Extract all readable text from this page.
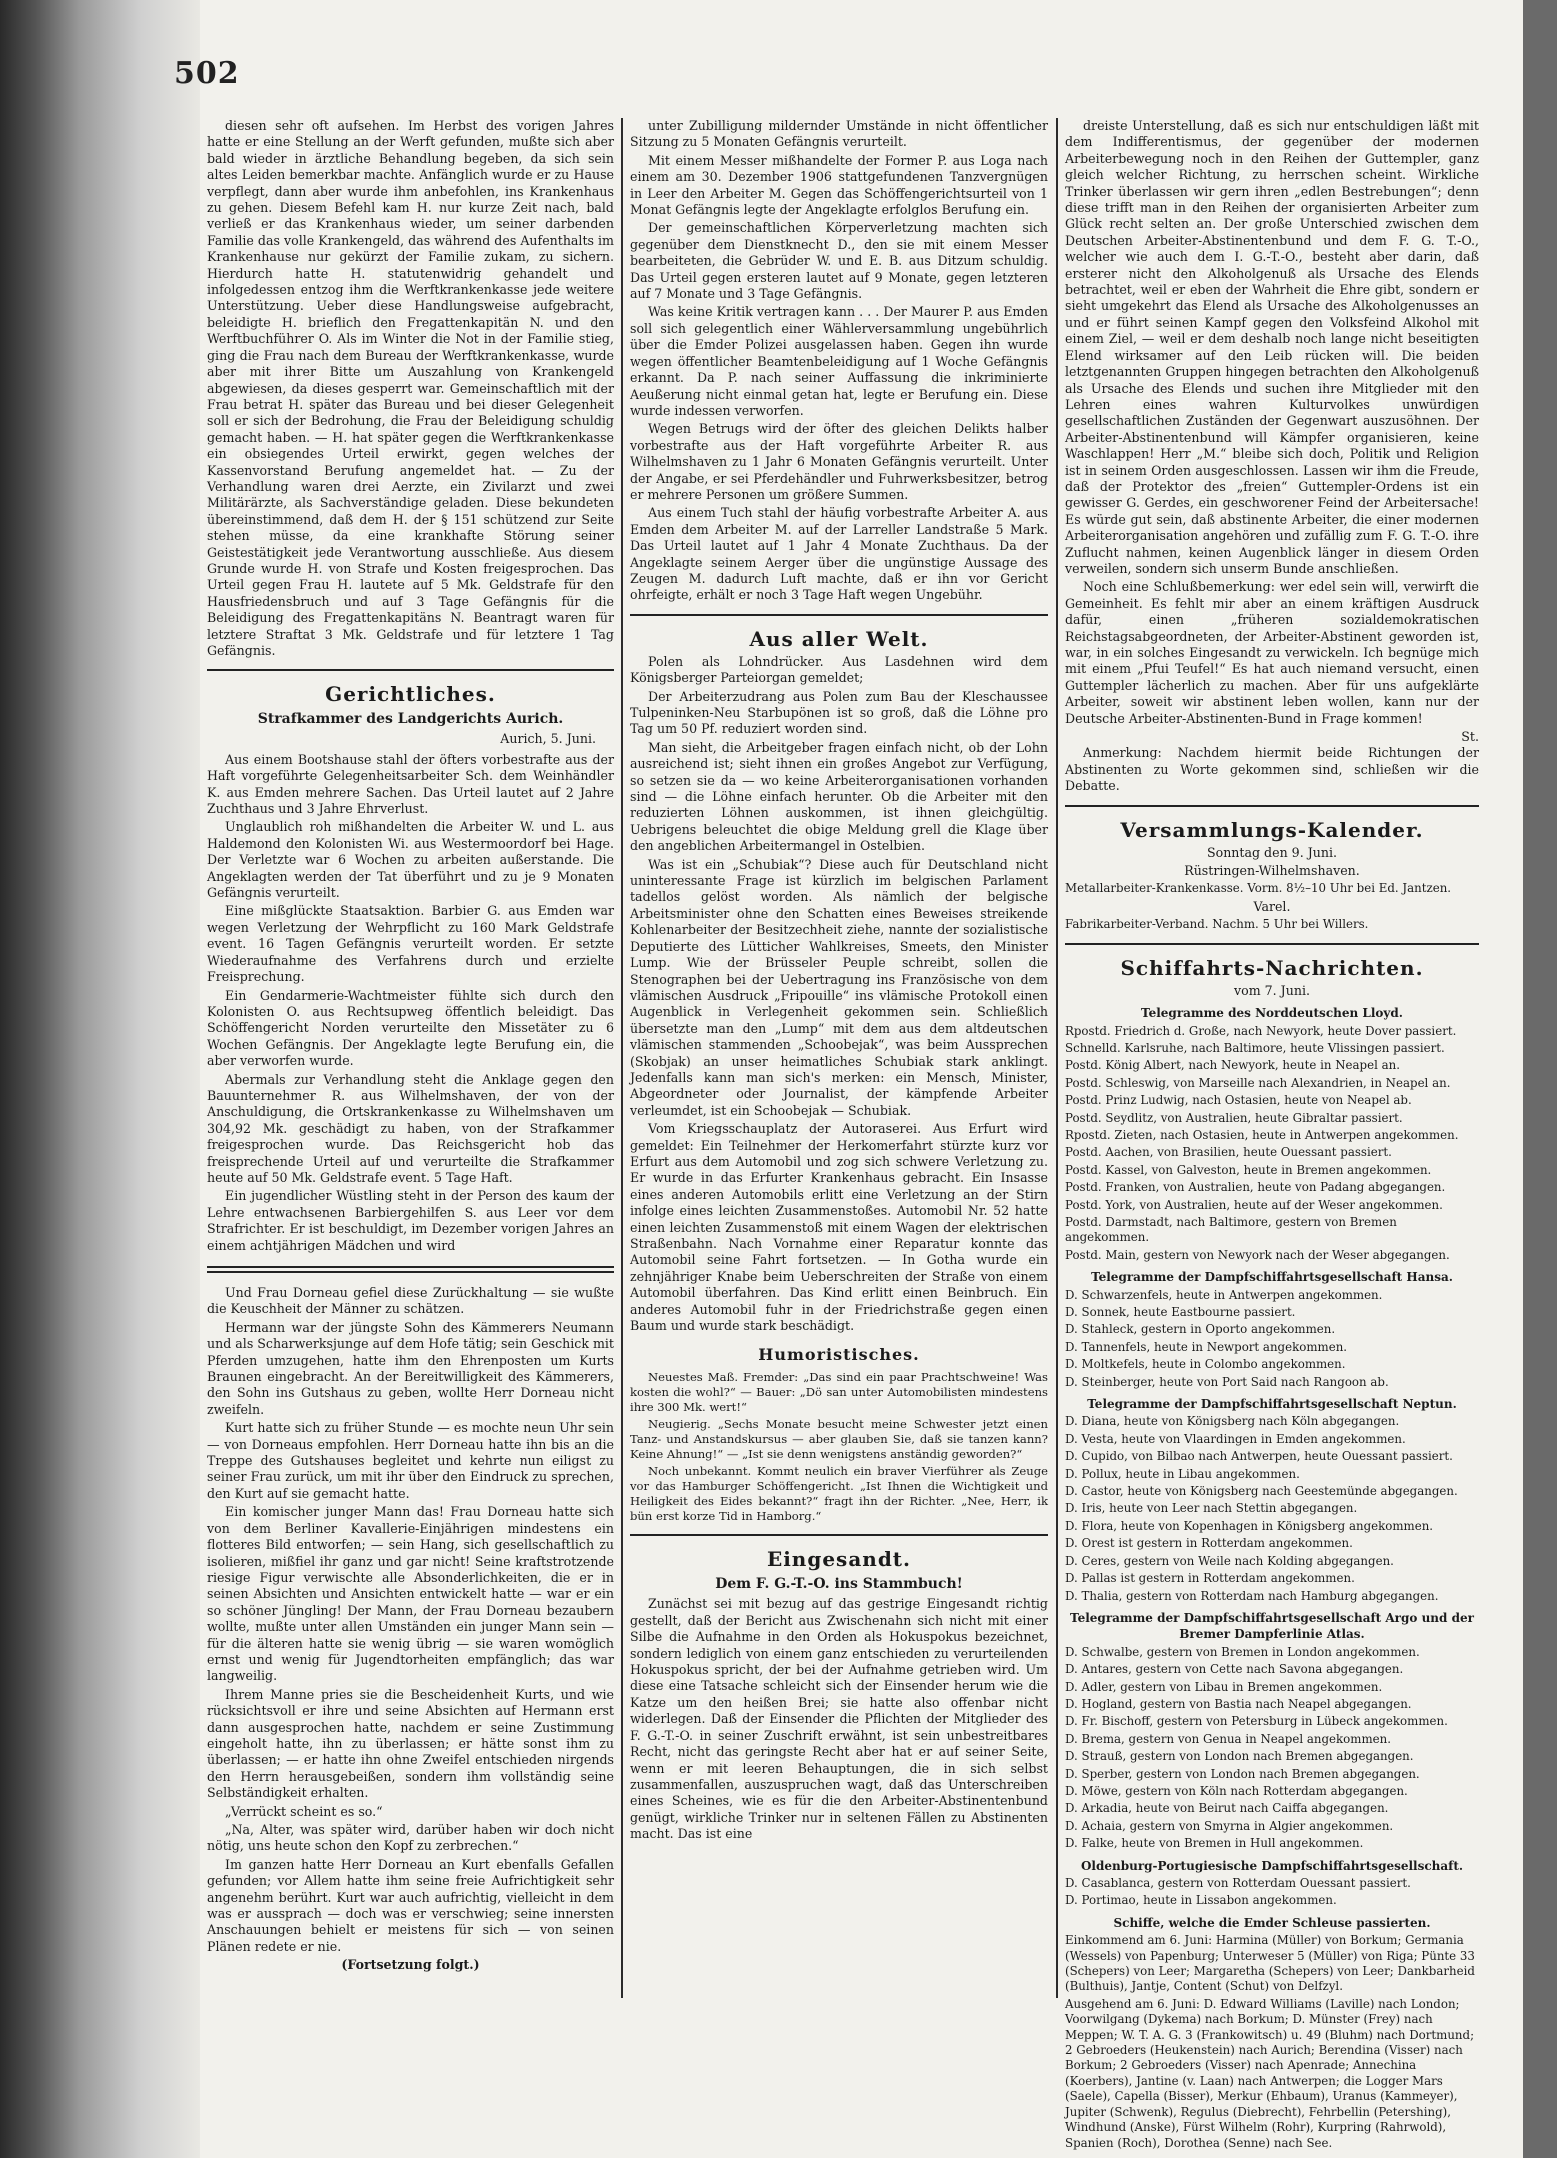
502

diesen sehr oft aufsehen. Im Herbst des vorigen Jahres hatte er eine Stellung an der Werft gefunden, mußte sich aber bald wieder in ärztliche Behandlung begeben, da sich sein altes Leiden bemerkbar machte. Anfänglich wurde er zu Hause verpflegt, dann aber wurde ihm anbefohlen, ins Krankenhaus zu gehen. Diesem Befehl kam H. nur kurze Zeit nach, bald verließ er das Krankenhaus wieder, um seiner darbenden Familie das volle Krankengeld, das während des Aufenthalts im Krankenhause nur gekürzt der Familie zukam, zu sichern. Hierdurch hatte H. statutenwidrig gehandelt und infolgedessen entzog ihm die Werftkrankenkasse jede weitere Unterstützung. Ueber diese Handlungsweise aufgebracht, beleidigte H. brieflich den Fregattenkapitän N. und den Werftbuchführer O. Als im Winter die Not in der Familie stieg, ging die Frau nach dem Bureau der Werftkrankenkasse, wurde aber mit ihrer Bitte um Auszahlung von Krankengeld abgewiesen, da dieses gesperrt war. Gemeinschaftlich mit der Frau betrat H. später das Bureau und bei dieser Gelegenheit soll er sich der Bedrohung, die Frau der Beleidigung schuldig gemacht haben. — H. hat später gegen die Werftkrankenkasse ein obsiegendes Urteil erwirkt, gegen welches der Kassenvorstand Berufung angemeldet hat. — Zu der Verhandlung waren drei Aerzte, ein Zivilarzt und zwei Militärärzte, als Sachverständige geladen. Diese bekundeten übereinstimmend, daß dem H. der § 151 schützend zur Seite stehen müsse, da eine krankhafte Störung seiner Geistestätigkeit jede Verantwortung ausschließe. Aus diesem Grunde wurde H. von Strafe und Kosten freigesprochen. Das Urteil gegen Frau H. lautete auf 5 Mk. Geldstrafe für den Hausfriedensbruch und auf 3 Tage Gefängnis für die Beleidigung des Fregattenkapitäns N. Beantragt waren für letztere Straftat 3 Mk. Geldstrafe und für letztere 1 Tag Gefängnis.

Gerichtliches.
Strafkammer des Landgerichts Aurich.
Aurich, 5. Juni.

Aus einem Bootshause stahl der öfters vorbestrafte aus der Haft vorgeführte Gelegenheitsarbeiter Sch. dem Weinhändler K. aus Emden mehrere Sachen. Das Urteil lautet auf 2 Jahre Zuchthaus und 3 Jahre Ehrverlust.

Unglaublich roh mißhandelten die Arbeiter W. und L. aus Haldemond den Kolonisten Wi. aus Westermoordorf bei Hage. Der Verletzte war 6 Wochen zu arbeiten außerstande. Die Angeklagten werden der Tat überführt und zu je 9 Monaten Gefängnis verurteilt.

Eine mißglückte Staatsaktion. Barbier G. aus Emden war wegen Verletzung der Wehrpflicht zu 160 Mark Geldstrafe event. 16 Tagen Gefängnis verurteilt worden. Er setzte Wiederaufnahme des Verfahrens durch und erzielte Freisprechung.

Ein Gendarmerie-Wachtmeister fühlte sich durch den Kolonisten O. aus Rechtsupweg öffentlich beleidigt. Das Schöffengericht Norden verurteilte den Missetäter zu 6 Wochen Gefängnis. Der Angeklagte legte Berufung ein, die aber verworfen wurde.

Abermals zur Verhandlung steht die Anklage gegen den Bauunternehmer R. aus Wilhelmshaven, der von der Anschuldigung, die Ortskrankenkasse zu Wilhelmshaven um 304,92 Mk. geschädigt zu haben, von der Strafkammer freigesprochen wurde. Das Reichsgericht hob das freisprechende Urteil auf und verurteilte die Strafkammer heute auf 50 Mk. Geldstrafe event. 5 Tage Haft.

Ein jugendlicher Wüstling steht in der Person des kaum der Lehre entwachsenen Barbiergehilfen S. aus Leer vor dem Strafrichter. Er ist beschuldigt, im Dezember vorigen Jahres an einem achtjährigen Mädchen und wird

Und Frau Dorneau gefiel diese Zurückhaltung — sie wußte die Keuschheit der Männer zu schätzen.

Hermann war der jüngste Sohn des Kämmerers Neumann und als Scharwerksjunge auf dem Hofe tätig; sein Geschick mit Pferden umzugehen, hatte ihm den Ehrenposten um Kurts Braunen eingebracht. An der Bereitwilligkeit des Kämmerers, den Sohn ins Gutshaus zu geben, wollte Herr Dorneau nicht zweifeln.

Kurt hatte sich zu früher Stunde — es mochte neun Uhr sein — von Dorneaus empfohlen. Herr Dorneau hatte ihn bis an die Treppe des Gutshauses begleitet und kehrte nun eiligst zu seiner Frau zurück, um mit ihr über den Eindruck zu sprechen, den Kurt auf sie gemacht hatte.

Ein komischer junger Mann das! Frau Dorneau hatte sich von dem Berliner Kavallerie-Einjährigen mindestens ein flotteres Bild entworfen; — sein Hang, sich gesellschaftlich zu isolieren, mißfiel ihr ganz und gar nicht! Seine kraftstrotzende riesige Figur verwischte alle Absonderlichkeiten, die er in seinen Absichten und Ansichten entwickelt hatte — war er ein so schöner Jüngling! Der Mann, der Frau Dorneau bezaubern wollte, mußte unter allen Umständen ein junger Mann sein — für die älteren hatte sie wenig übrig — sie waren womöglich ernst und wenig für Jugendtorheiten empfänglich; das war langweilig.

Ihrem Manne pries sie die Bescheidenheit Kurts, und wie rücksichtsvoll er ihre und seine Absichten auf Hermann erst dann ausgesprochen hatte, nachdem er seine Zustimmung eingeholt hatte, ihn zu überlassen; er hätte sonst ihm zu überlassen; — er hatte ihn ohne Zweifel entschieden nirgends den Herrn herausgebeißen, sondern ihm vollständig seine Selbständigkeit erhalten.

„Verrückt scheint es so.“

„Na, Alter, was später wird, darüber haben wir doch nicht nötig, uns heute schon den Kopf zu zerbrechen.“

Im ganzen hatte Herr Dorneau an Kurt ebenfalls Gefallen gefunden; vor Allem hatte ihm seine freie Aufrichtigkeit sehr angenehm berührt. Kurt war auch aufrichtig, vielleicht in dem was er aussprach — doch was er verschwieg; seine innersten Anschauungen behielt er meistens für sich — von seinen Plänen redete er nie.

(Fortsetzung folgt.)

unter Zubilligung mildernder Umstände in nicht öffentlicher Sitzung zu 5 Monaten Gefängnis verurteilt.

Mit einem Messer mißhandelte der Former P. aus Loga nach einem am 30. Dezember 1906 stattgefundenen Tanzvergnügen in Leer den Arbeiter M. Gegen das Schöffengerichtsurteil von 1 Monat Gefängnis legte der Angeklagte erfolglos Berufung ein.

Der gemeinschaftlichen Körperverletzung machten sich gegenüber dem Dienstknecht D., den sie mit einem Messer bearbeiteten, die Gebrüder W. und E. B. aus Ditzum schuldig. Das Urteil gegen ersteren lautet auf 9 Monate, gegen letzteren auf 7 Monate und 3 Tage Gefängnis.

Was keine Kritik vertragen kann . . . Der Maurer P. aus Emden soll sich gelegentlich einer Wählerversammlung ungebührlich über die Emder Polizei ausgelassen haben. Gegen ihn wurde wegen öffentlicher Beamtenbeleidigung auf 1 Woche Gefängnis erkannt. Da P. nach seiner Auffassung die inkriminierte Aeußerung nicht einmal getan hat, legte er Berufung ein. Diese wurde indessen verworfen.

Wegen Betrugs wird der öfter des gleichen Delikts halber vorbestrafte aus der Haft vorgeführte Arbeiter R. aus Wilhelmshaven zu 1 Jahr 6 Monaten Gefängnis verurteilt. Unter der Angabe, er sei Pferdehändler und Fuhrwerksbesitzer, betrog er mehrere Personen um größere Summen.

Aus einem Tuch stahl der häufig vorbestrafte Arbeiter A. aus Emden dem Arbeiter M. auf der Larreller Landstraße 5 Mark. Das Urteil lautet auf 1 Jahr 4 Monate Zuchthaus. Da der Angeklagte seinem Aerger über die ungünstige Aussage des Zeugen M. dadurch Luft machte, daß er ihn vor Gericht ohrfeigte, erhält er noch 3 Tage Haft wegen Ungebühr.

Aus aller Welt.

Polen als Lohndrücker. Aus Lasdehnen wird dem Königsberger Parteiorgan gemeldet;

Der Arbeiterzudrang aus Polen zum Bau der Kleschaussee Tulpeninken-Neu Starbupönen ist so groß, daß die Löhne pro Tag um 50 Pf. reduziert worden sind.

Man sieht, die Arbeitgeber fragen einfach nicht, ob der Lohn ausreichend ist; sieht ihnen ein großes Angebot zur Verfügung, so setzen sie da — wo keine Arbeiterorganisationen vorhanden sind — die Löhne einfach herunter. Ob die Arbeiter mit den reduzierten Löhnen auskommen, ist ihnen gleichgültig. Uebrigens beleuchtet die obige Meldung grell die Klage über den angeblichen Arbeitermangel in Ostelbien.

Was ist ein „Schubiak“? Diese auch für Deutschland nicht uninteressante Frage ist kürzlich im belgischen Parlament tadellos gelöst worden. Als nämlich der belgische Arbeitsminister ohne den Schatten eines Beweises streikende Kohlenarbeiter der Besitzechheit ziehe, nannte der sozialistische Deputierte des Lütticher Wahlkreises, Smeets, den Minister Lump. Wie der Brüsseler Peuple schreibt, sollen die Stenographen bei der Uebertragung ins Französische von dem vlämischen Ausdruck „Fripouille“ ins vlämische Protokoll einen Augenblick in Verlegenheit gekommen sein. Schließlich übersetzte man den „Lump“ mit dem aus dem altdeutschen vlämischen stammenden „Schoobejak“, was beim Aussprechen (Skobjak) an unser heimatliches Schubiak stark anklingt. Jedenfalls kann man sich's merken: ein Mensch, Minister, Abgeordneter oder Journalist, der kämpfende Arbeiter verleumdet, ist ein Schoobejak — Schubiak.

Vom Kriegsschauplatz der Autoraserei. Aus Erfurt wird gemeldet: Ein Teilnehmer der Herkomerfahrt stürzte kurz vor Erfurt aus dem Automobil und zog sich schwere Verletzung zu. Er wurde in das Erfurter Krankenhaus gebracht. Ein Insasse eines anderen Automobils erlitt eine Verletzung an der Stirn infolge eines leichten Zusammenstoßes. Automobil Nr. 52 hatte einen leichten Zusammenstoß mit einem Wagen der elektrischen Straßenbahn. Nach Vornahme einer Reparatur konnte das Automobil seine Fahrt fortsetzen. — In Gotha wurde ein zehnjähriger Knabe beim Ueberschreiten der Straße von einem Automobil überfahren. Das Kind erlitt einen Beinbruch. Ein anderes Automobil fuhr in der Friedrichstraße gegen einen Baum und wurde stark beschädigt.

Humoristisches.

Neuestes Maß. Fremder: „Das sind ein paar Prachtschweine! Was kosten die wohl?“ — Bauer: „Dö san unter Automobilisten mindestens ihre 300 Mk. wert!“

Neugierig. „Sechs Monate besucht meine Schwester jetzt einen Tanz- und Anstandskursus — aber glauben Sie, daß sie tanzen kann? Keine Ahnung!“ — „Ist sie denn wenigstens anständig geworden?“

Noch unbekannt. Kommt neulich ein braver Vierführer als Zeuge vor das Hamburger Schöffengericht. „Ist Ihnen die Wichtigkeit und Heiligkeit des Eides bekannt?“ fragt ihn der Richter. „Nee, Herr, ik bün erst korze Tid in Hamborg.“

Eingesandt.
Dem F. G.-T.-O. ins Stammbuch!

Zunächst sei mit bezug auf das gestrige Eingesandt richtig gestellt, daß der Bericht aus Zwischenahn sich nicht mit einer Silbe die Aufnahme in den Orden als Hokuspokus bezeichnet, sondern lediglich von einem ganz entschieden zu verurteilenden Hokuspokus spricht, der bei der Aufnahme getrieben wird. Um diese eine Tatsache schleicht sich der Einsender herum wie die Katze um den heißen Brei; sie hatte also offenbar nicht widerlegen. Daß der Einsender die Pflichten der Mitglieder des F. G.-T.-O. in seiner Zuschrift erwähnt, ist sein unbestreitbares Recht, nicht das geringste Recht aber hat er auf seiner Seite, wenn er mit leeren Behauptungen, die in sich selbst zusammenfallen, auszuspruchen wagt, daß das Unterschreiben eines Scheines, wie es für die den Arbeiter-Abstinentenbund genügt, wirkliche Trinker nur in seltenen Fällen zu Abstinenten macht. Das ist eine

dreiste Unterstellung, daß es sich nur entschuldigen läßt mit dem Indifferentismus, der gegenüber der modernen Arbeiterbewegung noch in den Reihen der Guttempler, ganz gleich welcher Richtung, zu herrschen scheint. Wirkliche Trinker überlassen wir gern ihren „edlen Bestrebungen“; denn diese trifft man in den Reihen der organisierten Arbeiter zum Glück recht selten an. Der große Unterschied zwischen dem Deutschen Arbeiter-Abstinentenbund und dem F. G. T.-O., welcher wie auch dem I. G.-T.-O., besteht aber darin, daß ersterer nicht den Alkoholgenuß als Ursache des Elends betrachtet, weil er eben der Wahrheit die Ehre gibt, sondern er sieht umgekehrt das Elend als Ursache des Alkoholgenusses an und er führt seinen Kampf gegen den Volksfeind Alkohol mit einem Ziel, — weil er dem deshalb noch lange nicht beseitigten Elend wirksamer auf den Leib rücken will. Die beiden letztgenannten Gruppen hingegen betrachten den Alkoholgenuß als Ursache des Elends und suchen ihre Mitglieder mit den Lehren eines wahren Kulturvolkes unwürdigen gesellschaftlichen Zuständen der Gegenwart auszusöhnen. Der Arbeiter-Abstinentenbund will Kämpfer organisieren, keine Waschlappen! Herr „M.“ bleibe sich doch, Politik und Religion ist in seinem Orden ausgeschlossen. Lassen wir ihm die Freude, daß der Protektor des „freien“ Guttempler-Ordens ist ein gewisser G. Gerdes, ein geschworener Feind der Arbeitersache! Es würde gut sein, daß abstinente Arbeiter, die einer modernen Arbeiterorganisation angehören und zufällig zum F. G. T.-O. ihre Zuflucht nahmen, keinen Augenblick länger in diesem Orden verweilen, sondern sich unserm Bunde anschließen.

Noch eine Schlußbemerkung: wer edel sein will, verwirft die Gemeinheit. Es fehlt mir aber an einem kräftigen Ausdruck dafür, einen „früheren sozialdemokratischen Reichstagsabgeordneten, der Arbeiter-Abstinent geworden ist, war, in ein solches Eingesandt zu verwickeln. Ich begnüge mich mit einem „Pfui Teufel!“ Es hat auch niemand versucht, einen Guttempler lächerlich zu machen. Aber für uns aufgeklärte Arbeiter, soweit wir abstinent leben wollen, kann nur der Deutsche Arbeiter-Abstinenten-Bund in Frage kommen!

St.

Anmerkung: Nachdem hiermit beide Richtungen der Abstinenten zu Worte gekommen sind, schließen wir die Debatte.

Versammlungs-Kalender.

Sonntag den 9. Juni.

Rüstringen-Wilhelmshaven.

Metallarbeiter-Krankenkasse. Vorm. 8½–10 Uhr bei Ed. Jantzen.

Varel.

Fabrikarbeiter-Verband. Nachm. 5 Uhr bei Willers.

Schiffahrts-Nachrichten.

vom 7. Juni.

Telegramme des Norddeutschen Lloyd.

Rpostd. Friedrich d. Große, nach Newyork, heute Dover passiert.

Schnelld. Karlsruhe, nach Baltimore, heute Vlissingen passiert.

Postd. König Albert, nach Newyork, heute in Neapel an.

Postd. Schleswig, von Marseille nach Alexandrien, in Neapel an.

Postd. Prinz Ludwig, nach Ostasien, heute von Neapel ab.

Postd. Seydlitz, von Australien, heute Gibraltar passiert.

Rpostd. Zieten, nach Ostasien, heute in Antwerpen angekommen.

Postd. Aachen, von Brasilien, heute Ouessant passiert.

Postd. Kassel, von Galveston, heute in Bremen angekommen.

Postd. Franken, von Australien, heute von Padang abgegangen.

Postd. York, von Australien, heute auf der Weser angekommen.

Postd. Darmstadt, nach Baltimore, gestern von Bremen angekommen.

Postd. Main, gestern von Newyork nach der Weser abgegangen.

Telegramme der Dampfschiffahrtsgesellschaft Hansa.

D. Schwarzenfels, heute in Antwerpen angekommen.

D. Sonnek, heute Eastbourne passiert.

D. Stahleck, gestern in Oporto angekommen.

D. Tannenfels, heute in Newport angekommen.

D. Moltkefels, heute in Colombo angekommen.

D. Steinberger, heute von Port Said nach Rangoon ab.

Telegramme der Dampfschiffahrtsgesellschaft Neptun.

D. Diana, heute von Königsberg nach Köln abgegangen.

D. Vesta, heute von Vlaardingen in Emden angekommen.

D. Cupido, von Bilbao nach Antwerpen, heute Ouessant passiert.

D. Pollux, heute in Libau angekommen.

D. Castor, heute von Königsberg nach Geestemünde abgegangen.

D. Iris, heute von Leer nach Stettin abgegangen.

D. Flora, heute von Kopenhagen in Königsberg angekommen.

D. Orest ist gestern in Rotterdam angekommen.

D. Ceres, gestern von Weile nach Kolding abgegangen.

D. Pallas ist gestern in Rotterdam angekommen.

D. Thalia, gestern von Rotterdam nach Hamburg abgegangen.

Telegramme der Dampfschiffahrtsgesellschaft Argo und der Bremer Dampferlinie Atlas.

D. Schwalbe, gestern von Bremen in London angekommen.

D. Antares, gestern von Cette nach Savona abgegangen.

D. Adler, gestern von Libau in Bremen angekommen.

D. Hogland, gestern von Bastia nach Neapel abgegangen.

D. Fr. Bischoff, gestern von Petersburg in Lübeck angekommen.

D. Brema, gestern von Genua in Neapel angekommen.

D. Strauß, gestern von London nach Bremen abgegangen.

D. Sperber, gestern von London nach Bremen abgegangen.

D. Möwe, gestern von Köln nach Rotterdam abgegangen.

D. Arkadia, heute von Beirut nach Caiffa abgegangen.

D. Achaia, gestern von Smyrna in Algier angekommen.

D. Falke, heute von Bremen in Hull angekommen.

Oldenburg-Portugiesische Dampfschiffahrtsgesellschaft.

D. Casablanca, gestern von Rotterdam Ouessant passiert.

D. Portimao, heute in Lissabon angekommen.

Schiffe, welche die Emder Schleuse passierten.

Einkommend am 6. Juni: Harmina (Müller) von Borkum; Germania (Wessels) von Papenburg; Unterweser 5 (Müller) von Riga; Pünte 33 (Schepers) von Leer; Margaretha (Schepers) von Leer; Dankbarheid (Bulthuis), Jantje, Content (Schut) von Delfzyl.

Ausgehend am 6. Juni: D. Edward Williams (Laville) nach London; Voorwilgang (Dykema) nach Borkum; D. Münster (Frey) nach Meppen; W. T. A. G. 3 (Frankowitsch) u. 49 (Bluhm) nach Dortmund; 2 Gebroeders (Heukenstein) nach Aurich; Berendina (Visser) nach Borkum; 2 Gebroeders (Visser) nach Apenrade; Annechina (Koerbers), Jantine (v. Laan) nach Antwerpen; die Logger Mars (Saele), Capella (Bisser), Merkur (Ehbaum), Uranus (Kammeyer), Jupiter (Schwenk), Regulus (Diebrecht), Fehrbellin (Petershing), Windhund (Anske), Fürst Wilhelm (Rohr), Kurpring (Rahrwold), Spanien (Roch), Dorothea (Senne) nach See.
